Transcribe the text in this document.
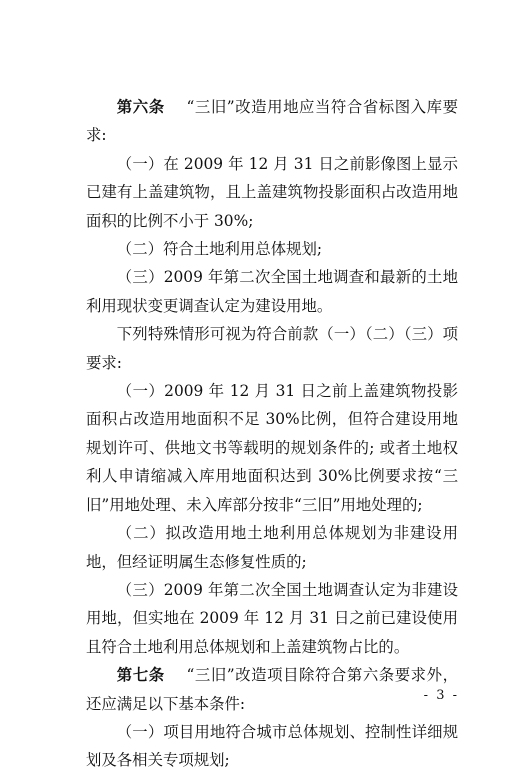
第六条 “三旧”改造用地应当符合省标图入库要求:

（一）在 2009 年 12 月 31 日之前影像图上显示已建有上盖建筑物，且上盖建筑物投影面积占改造用地面积的比例不小于 30%;

（二）符合土地利用总体规划;

（三）2009 年第二次全国土地调查和最新的土地利用现状变更调查认定为建设用地。

下列特殊情形可视为符合前款（一）（二）（三）项要求:

（一）2009 年 12 月 31 日之前上盖建筑物投影面积占改造用地面积不足 30%比例，但符合建设用地规划许可、供地文书等载明的规划条件的; 或者土地权利人申请缩减入库用地面积达到 30%比例要求按“三旧”用地处理、未入库部分按非“三旧”用地处理的;

（二）拟改造用地土地利用总体规划为非建设用地，但经证明属生态修复性质的;

（三）2009 年第二次全国土地调查认定为非建设用地，但实地在 2009 年 12 月 31 日之前已建设使用且符合土地利用总体规划和上盖建筑物占比的。

第七条 “三旧”改造项目除符合第六条要求外，还应满足以下基本条件:

（一）项目用地符合城市总体规划、控制性详细规划及各相关专项规划;

- 3 -
